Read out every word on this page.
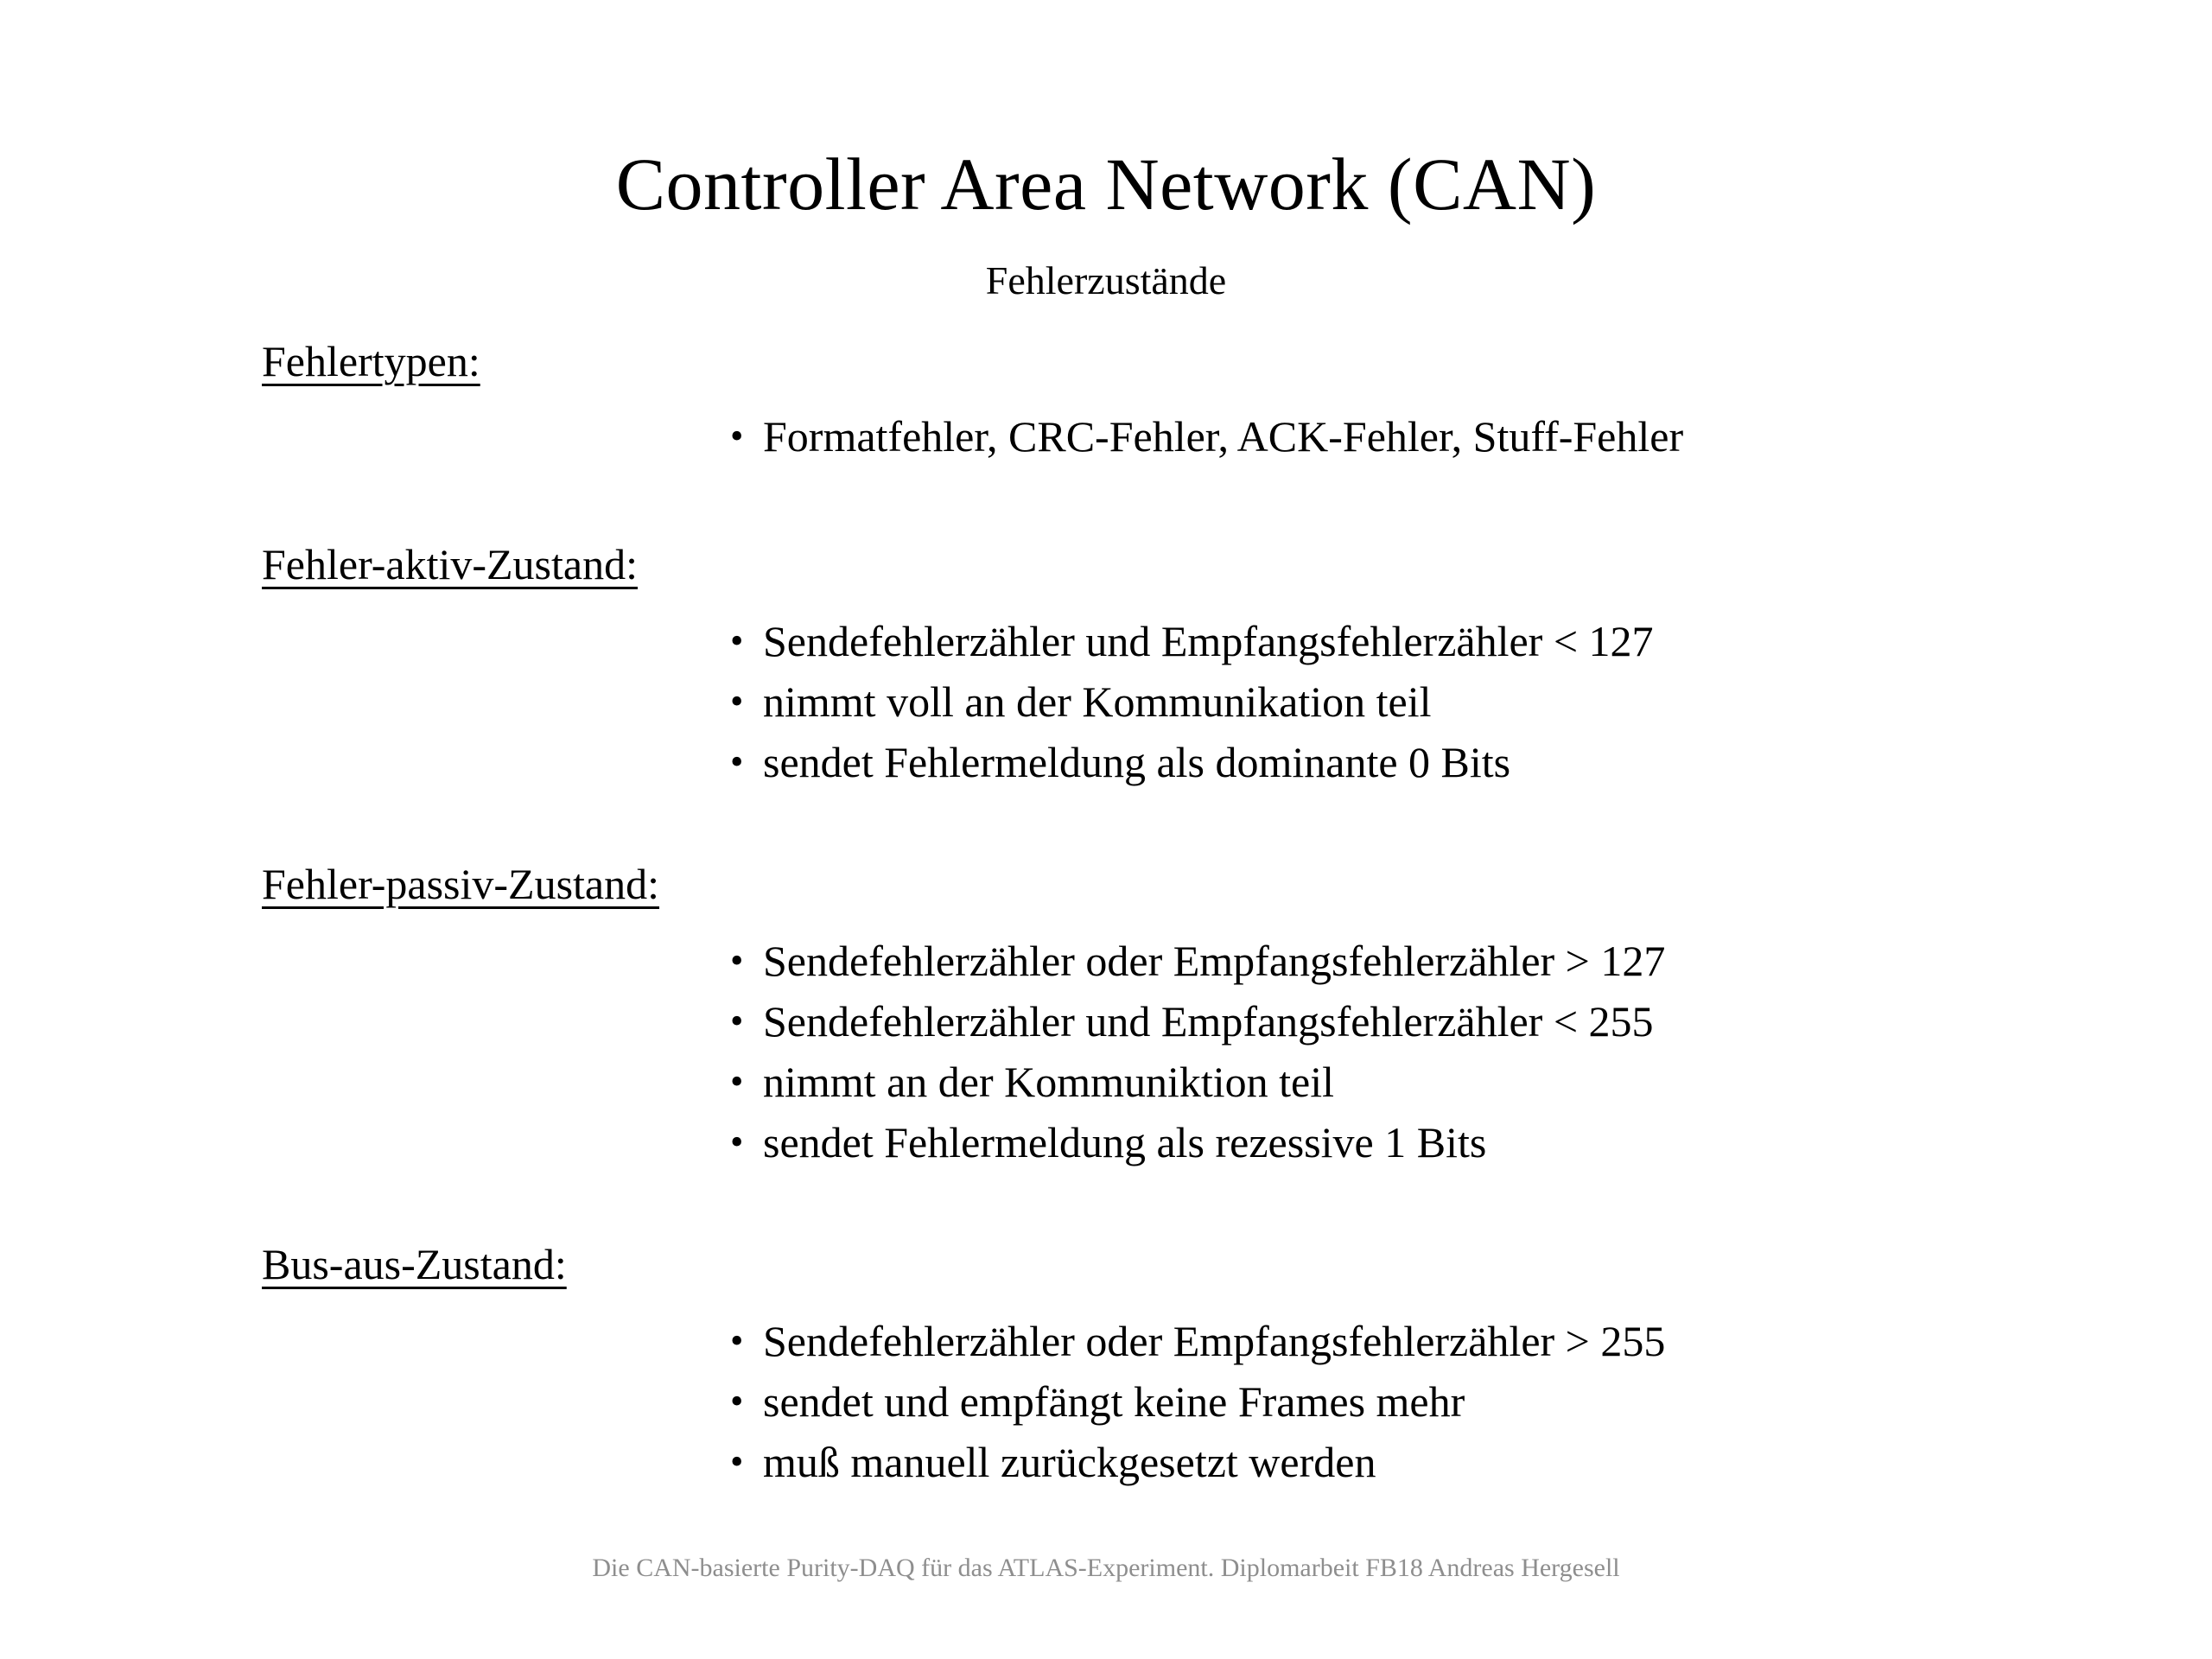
Controller Area Network (CAN)
Fehlerzustände
Fehlertypen:
• Formatfehler, CRC-Fehler, ACK-Fehler, Stuff-Fehler
Fehler-aktiv-Zustand:
• Sendefehlerzähler und Empfangsfehlerzähler < 127
• nimmt voll an der Kommunikation teil
• sendet Fehlermeldung als dominante 0 Bits
Fehler-passiv-Zustand:
• Sendefehlerzähler oder Empfangsfehlerzähler > 127
• Sendefehlerzähler und Empfangsfehlerzähler < 255
• nimmt an der Kommuniktion teil
• sendet Fehlermeldung als rezessive 1 Bits
Bus-aus-Zustand:
• Sendefehlerzähler oder Empfangsfehlerzähler > 255
• sendet und empfängt keine Frames mehr
• muß manuell zurückgesetzt werden
Die CAN-basierte Purity-DAQ für das ATLAS-Experiment. Diplomarbeit FB18 Andreas Hergesell
